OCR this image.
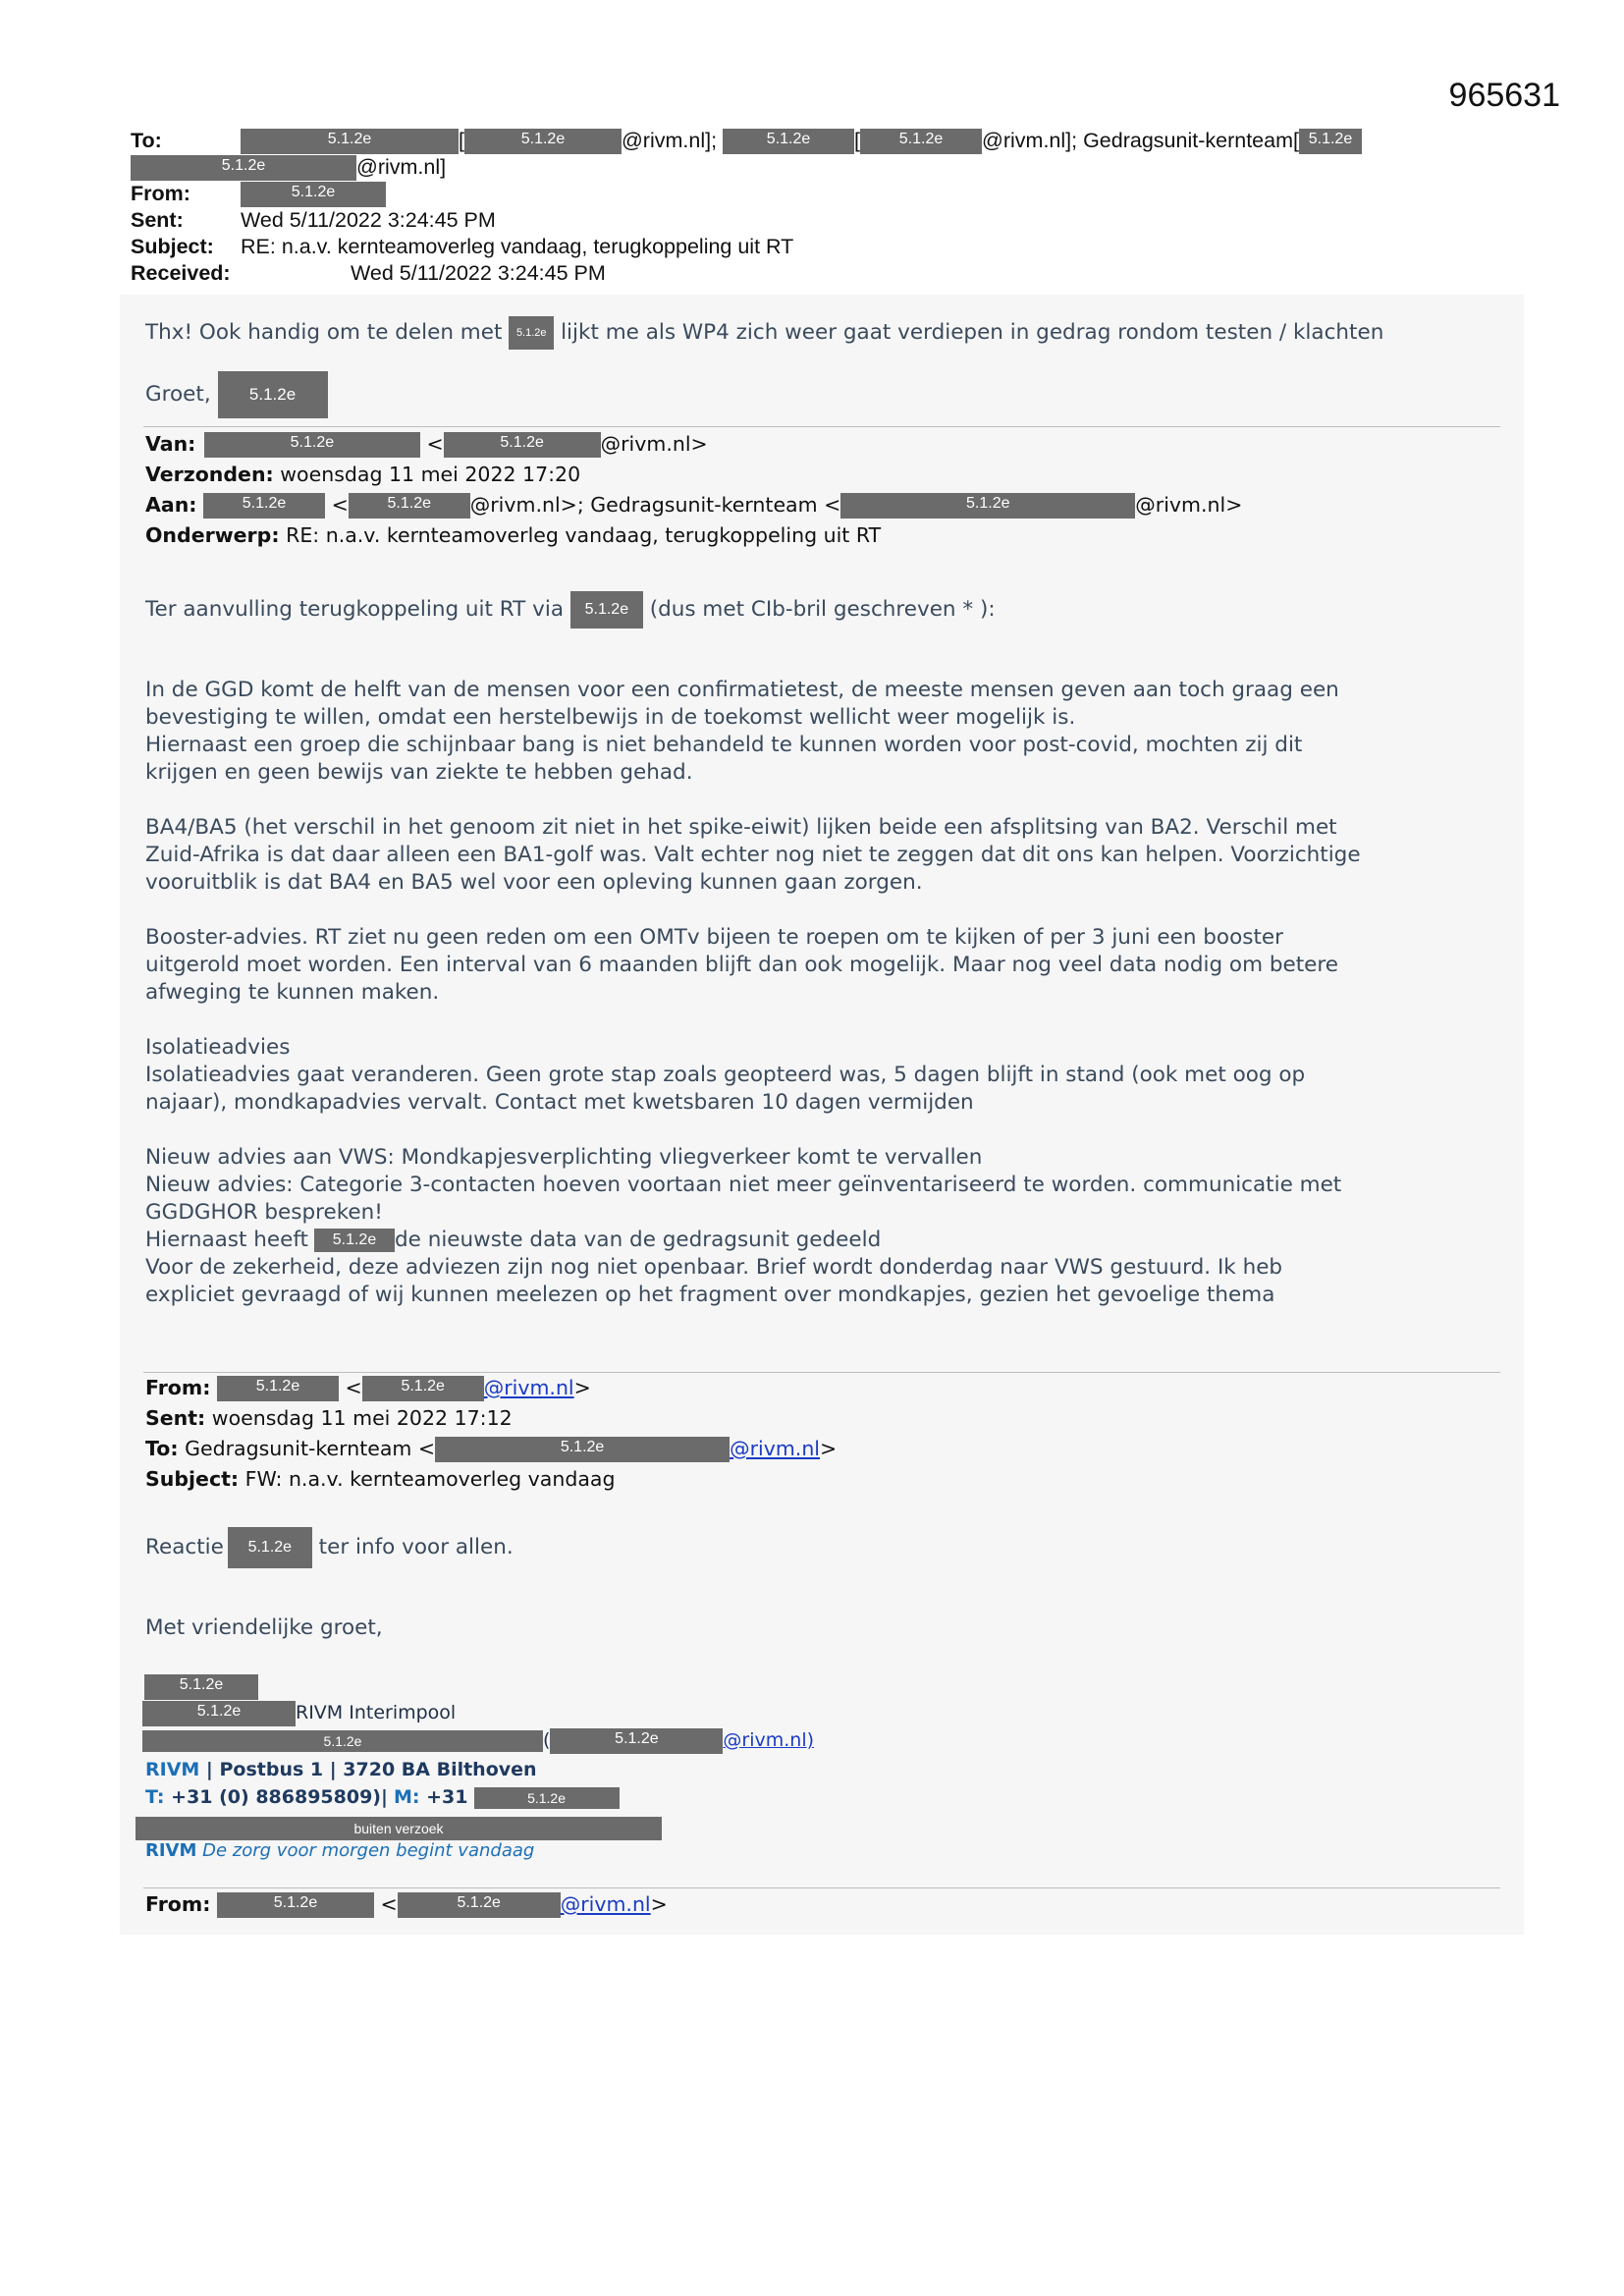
965631
To:	5.1.2e	[	5.1.2e	@rivm.nl];	5.1.2e [ 5.1.2e @rivm.nl]; Gedragsunit-kernteam[ 5.1.2e
5.1.2e	@rivm.nl]
From:	5.1.2e
Sent:	Wed 5/11/2022 3:24:45 PM
Subject: RE: n.a.v. kernteamoverleg vandaag, terugkoppeling uit RT
Received:	Wed 5/11/2022 3:24:45 PM
Thx! Ook handig om te delen met 5.1.2e lijkt me als WP4 zich weer gaat verdiepen in gedrag rondom testen / klachten
Groet, 5.1.2e
Van:	5.1.2e	<	5.1.2e	@rivm.nl>
Verzonden: woensdag 11 mei 2022 17:20
Aan:	5.1.2e < 5.1.2e @rivm.nl>; Gedragsunit-kernteam <	5.1.2e	@rivm.nl>
Onderwerp: RE: n.a.v. kernteamoverleg vandaag, terugkoppeling uit RT
Ter aanvulling terugkoppeling uit RT via 5.1.2e (dus met CIb-bril geschreven * ):
In de GGD komt de helft van de mensen voor een confirmatietest, de meeste mensen geven aan toch graag een
bevestiging te willen, omdat een herstelbewijs in de toekomst wellicht weer mogelijk is.
Hiernaast een groep die schijnbaar bang is niet behandeld te kunnen worden voor post-covid, mochten zij dit
krijgen en geen bewijs van ziekte te hebben gehad.
BA4/BA5 (het verschil in het genoom zit niet in het spike-eiwit) lijken beide een afsplitsing van BA2. Verschil met
Zuid-Afrika is dat daar alleen een BA1-golf was. Valt echter nog niet te zeggen dat dit ons kan helpen. Voorzichtige
vooruitblik is dat BA4 en BA5 wel voor een opleving kunnen gaan zorgen.
Booster-advies. RT ziet nu geen reden om een OMTv bijeen te roepen om te kijken of per 3 juni een booster
uitgerold moet worden. Een interval van 6 maanden blijft dan ook mogelijk. Maar nog veel data nodig om betere
afweging te kunnen maken.
Isolatieadvies
Isolatieadvies gaat veranderen. Geen grote stap zoals geopteerd was, 5 dagen blijft in stand (ook met oog op
najaar), mondkapadvies vervalt. Contact met kwetsbaren 10 dagen vermijden
Nieuw advies aan VWS: Mondkapjesverplichting vliegverkeer komt te vervallen
Nieuw advies: Categorie 3-contacten hoeven voortaan niet meer geïnventariseerd te worden. communicatie met
GGDGHOR bespreken!
Hiernaast heeft 5.1.2e de nieuwste data van de gedragsunit gedeeld
Voor de zekerheid, deze adviezen zijn nog niet openbaar. Brief wordt donderdag naar VWS gestuurd. Ik heb
expliciet gevraagd of wij kunnen meelezen op het fragment over mondkapjes, gezien het gevoelige thema
From:	5.1.2e < 5.1.2e @rivm.nl>
Sent: woensdag 11 mei 2022 17:12
To: Gedragsunit-kernteam <	5.1.2e	@rivm.nl>
Subject: FW: n.a.v. kernteamoverleg vandaag
Reactie 5.1.2e ter info voor allen.
Met vriendelijke groet,
5.1.2e
5.1.2e	RIVM Interimpool
5.1.2e	(	5.1.2e	@rivm.nl)
RIVM | Postbus 1 | 3720 BA Bilthoven
T: +31 (0) 886895809)| M: +31	5.1.2e
buiten verzoek
RIVM De zorg voor morgen begint vandaag
From:	5.1.2e	<	5.1.2e	@rivm.nl>
